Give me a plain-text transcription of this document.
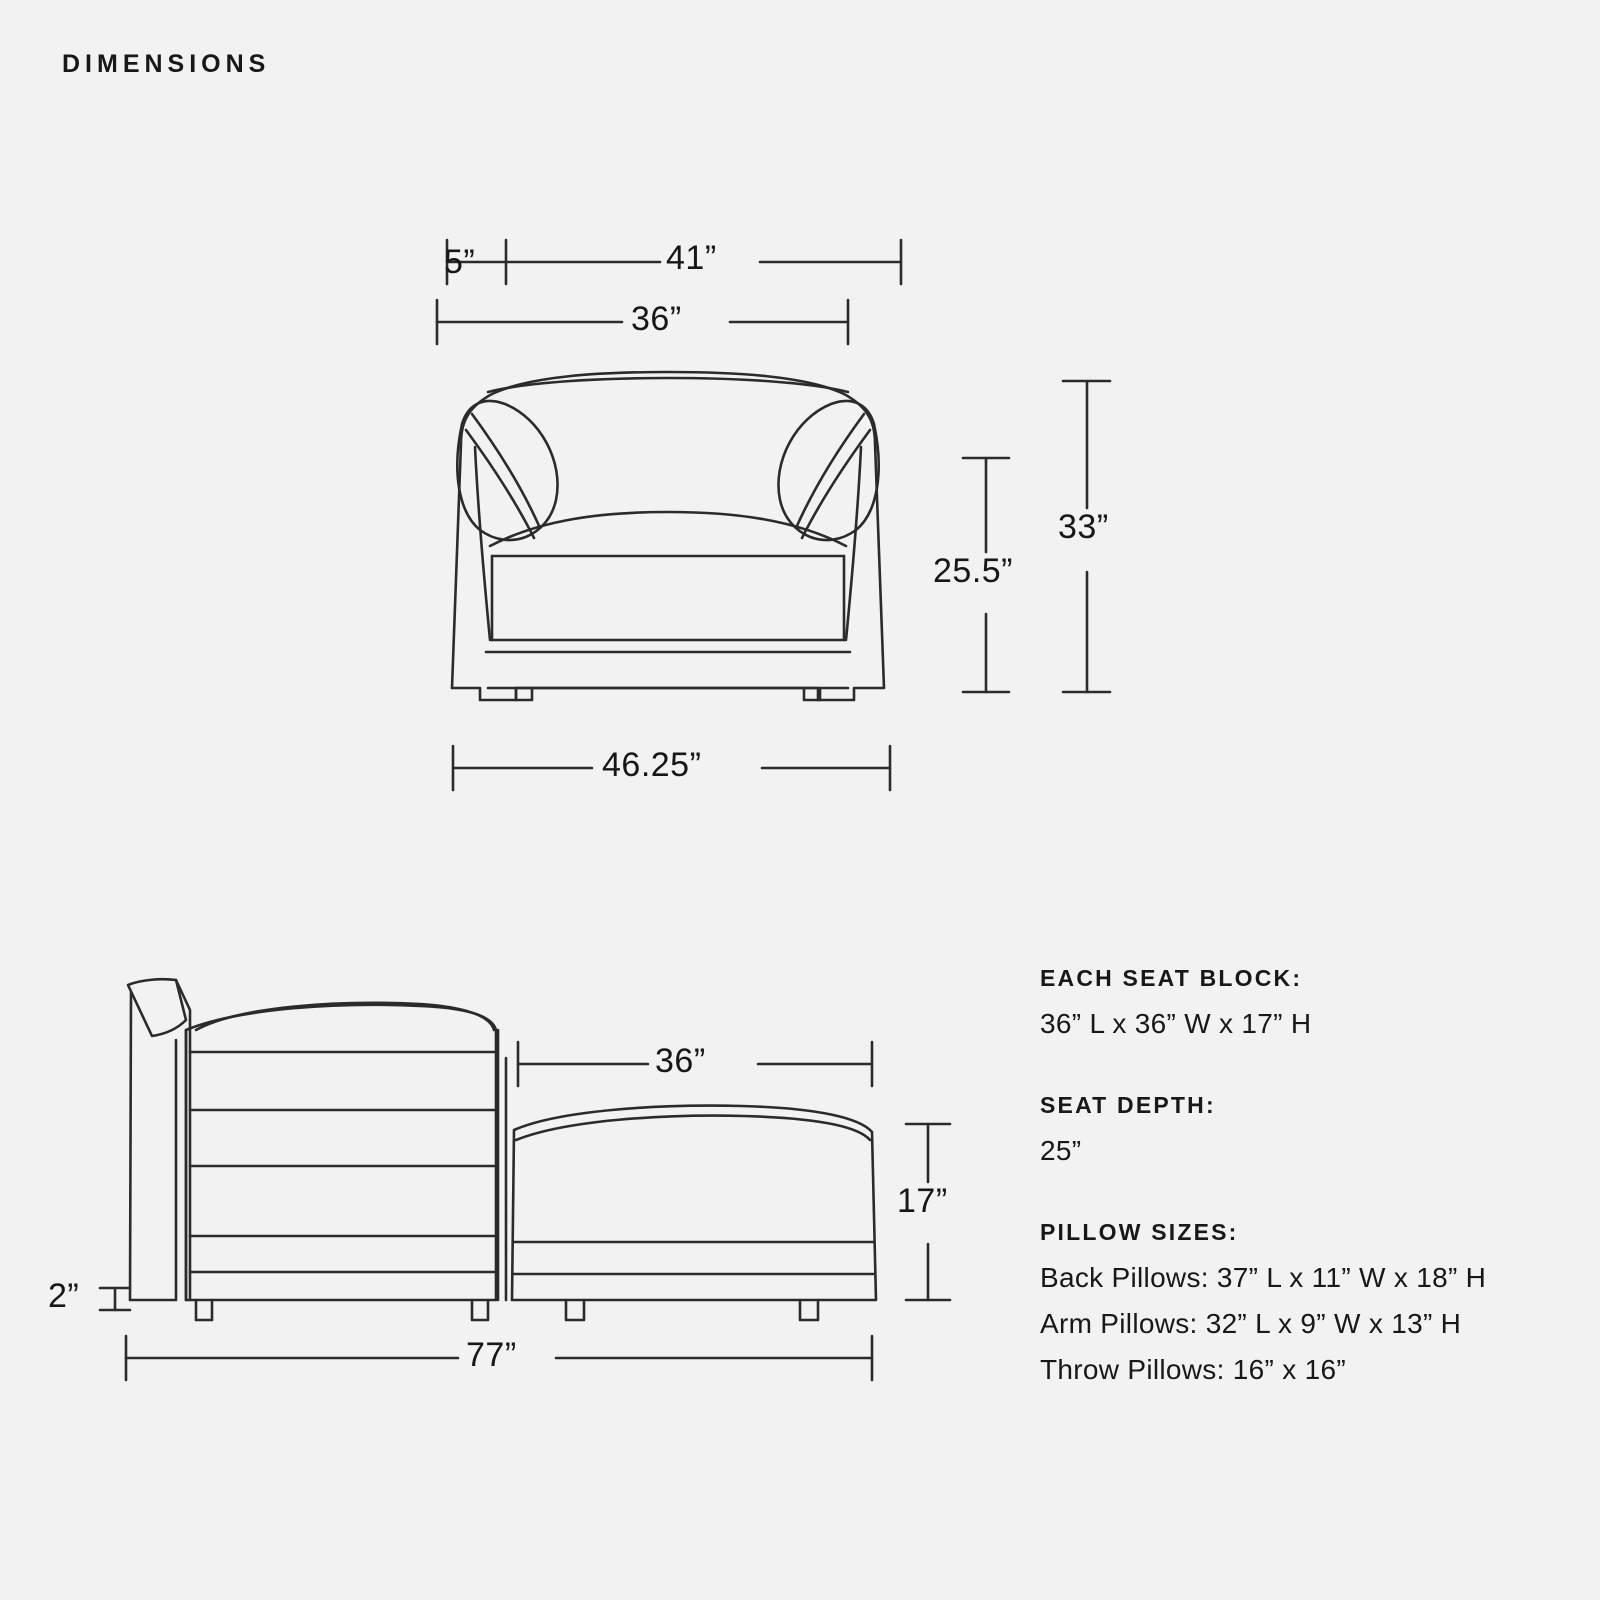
DIMENSIONS
5”	41”
36”
25.5”
33”
46.25”
36”
17”
2”
77”
EACH SEAT BLOCK:
36” L x 36” W x 17” H
SEAT DEPTH:
25”
PILLOW SIZES:
Back Pillows: 37” L x 11” W x 18” H
Arm Pillows: 32” L x 9” W x 13” H
Throw Pillows: 16” x 16”
